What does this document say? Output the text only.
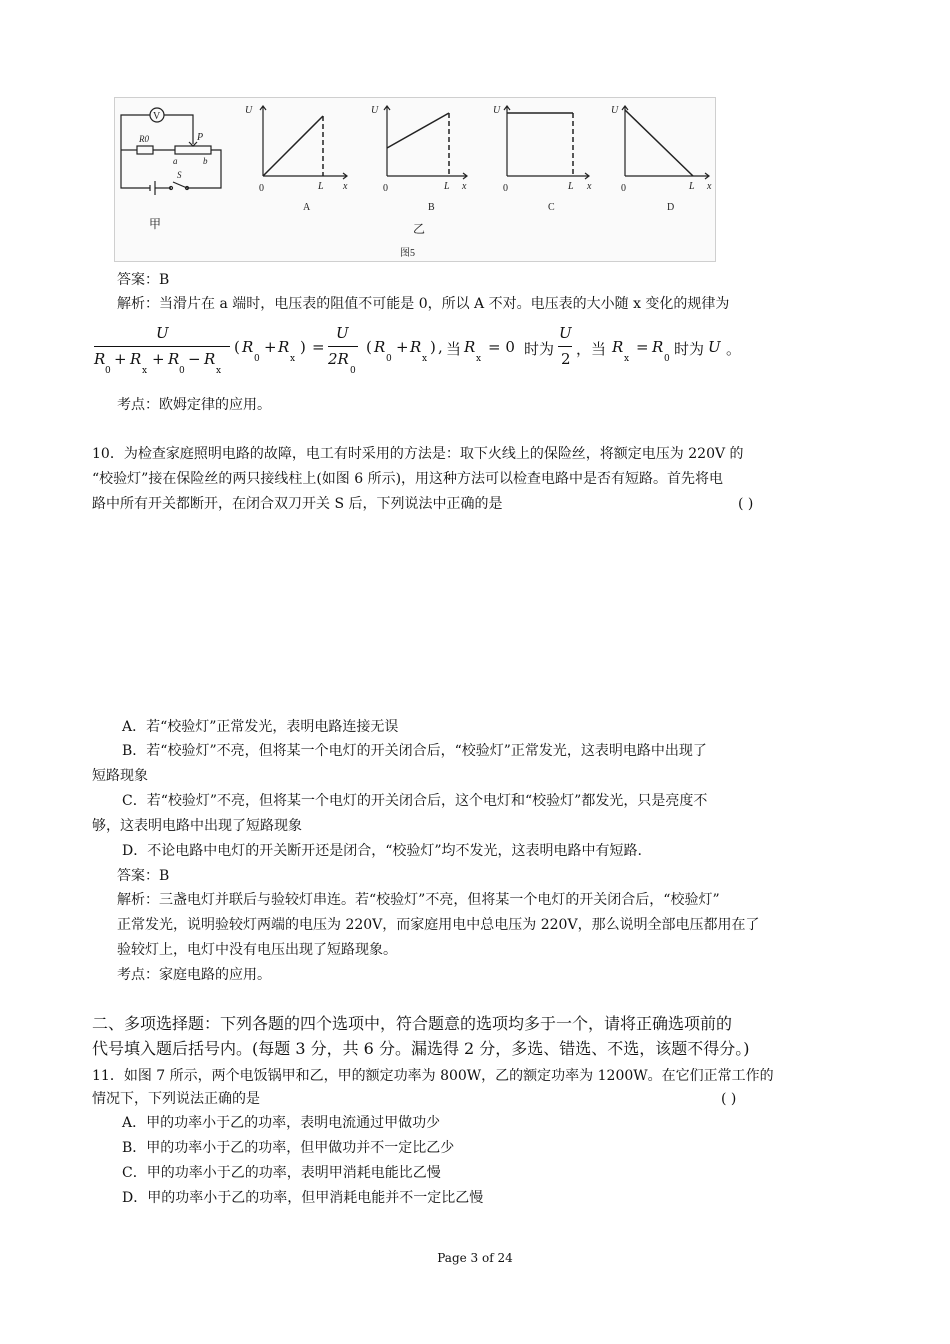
V
R0	P
a	b
S
甲
U
0	L x
A
U
0	L x
B
U
0	L x
C
U
0	L x
D
乙
图5
答案：B
解析：当滑片在 a 端时，电压表的阻值不可能是 0，所以 A 不对。电压表的大小随 x 变化的规律为
U
R
0
+ R
x
+ R
0
− R
x
( R
0
+ R
x
) =
U
2R
0
( R
0
+ R
x
) , 当 R
x
= 0 时为
U
2
，当 R
x
= R
0
时为 U 。
考点：欧姆定律的应用。
10．为检查家庭照明电路的故障，电工有时采用的方法是：取下火线上的保险丝，将额定电压为 220V 的
“校验灯”接在保险丝的两只接线柱上(如图 6 所示)，用这种方法可以检查电路中是否有短路。首先将电
路中所有开关都断开，在闭合双刀开关 S 后，下列说法中正确的是	( )
A．若“校验灯”正常发光，表明电路连接无误
B．若“校验灯”不亮，但将某一个电灯的开关闭合后，“校验灯”正常发光，这表明电路中出现了
短路现象
C．若“校验灯”不亮，但将某一个电灯的开关闭合后，这个电灯和“校验灯”都发光，只是亮度不
够，这表明电路中出现了短路现象
D．不论电路中电灯的开关断开还是闭合，“校验灯”均不发光，这表明电路中有短路.
答案：B
解析：三盏电灯并联后与验较灯串连。若“校验灯”不亮，但将某一个电灯的开关闭合后，“校验灯”
正常发光，说明验较灯两端的电压为 220V，而家庭用电中总电压为 220V，那么说明全部电压都用在了
验较灯上，电灯中没有电压出现了短路现象。
考点：家庭电路的应用。
二、多项选择题：下列各题的四个选项中，符合题意的选项均多于一个，请将正确选项前的
代号填入题后括号内。(每题 3 分，共 6 分。漏选得 2 分，多选、错选、不选，该题不得分。)
11．如图 7 所示，两个电饭锅甲和乙，甲的额定功率为 800W，乙的额定功率为 1200W。在它们正常工作的
情况下，下列说法正确的是	( )
A．甲的功率小于乙的功率，表明电流通过甲做功少
B．甲的功率小于乙的功率，但甲做功并不一定比乙少
C．甲的功率小于乙的功率，表明甲消耗电能比乙慢
D．甲的功率小于乙的功率，但甲消耗电能并不一定比乙慢
Page 3 of 24
